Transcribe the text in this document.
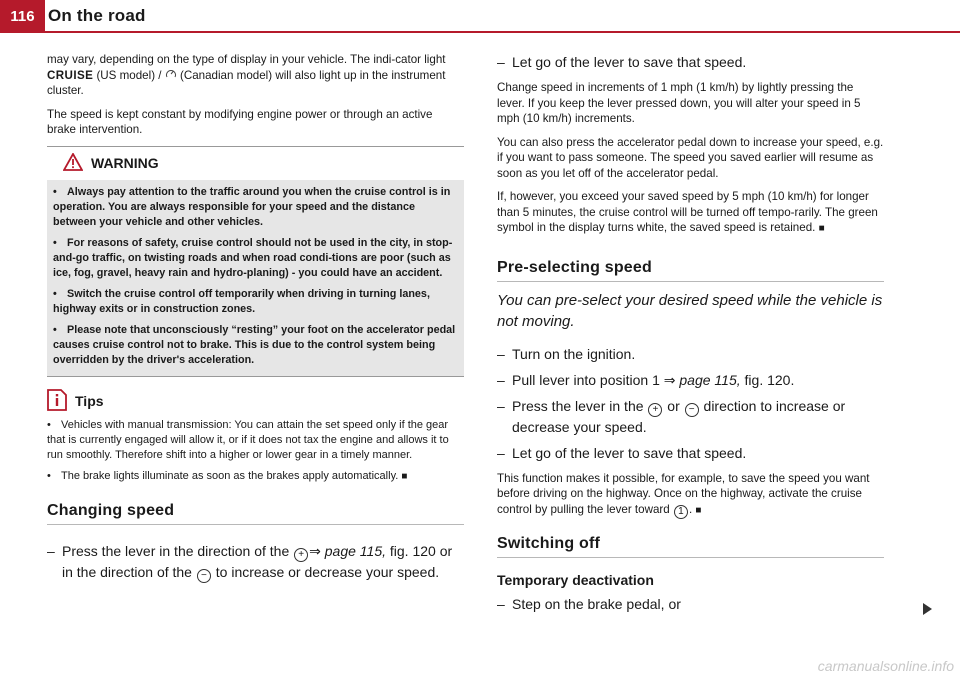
116 On the road

may vary, depending on the type of display in your vehicle. The indi-cator light CRUISE (US model) /  (Canadian model) will also light up in the instrument cluster.

The speed is kept constant by modifying engine power or through an active brake intervention.

WARNING

• Always pay attention to the traffic around you when the cruise control is in operation. You are always responsible for your speed and the distance between your vehicle and other vehicles.

• For reasons of safety, cruise control should not be used in the city, in stop-and-go traffic, on twisting roads and when road condi-tions are poor (such as ice, fog, gravel, heavy rain and hydro-planing) - you could have an accident.

• Switch the cruise control off temporarily when driving in turning lanes, highway exits or in construction zones.

• Please note that unconsciously “resting” your foot on the accelerator pedal causes cruise control not to brake. This is due to the control system being overridden by the driver's acceleration.

Tips

• Vehicles with manual transmission: You can attain the set speed only if the gear that is currently engaged will allow it, or if it does not tax the engine and allows it to run smoothly. Therefore shift into a higher or lower gear in a timely manner.

• The brake lights illuminate as soon as the brakes apply automatically. ■

Changing speed
– Press the lever in the direction of the + ⇒ page 115, fig. 120 or in the direction of the − to increase or decrease your speed.
– Let go of the lever to save that speed.

Change speed in increments of 1 mph (1 km/h) by lightly pressing the lever. If you keep the lever pressed down, you will alter your speed in 5 mph (10 km/h) increments.

You can also press the accelerator pedal down to increase your speed, e.g. if you want to pass someone. The speed you saved earlier will resume as soon as you let off of the accelerator pedal.

If, however, you exceed your saved speed by 5 mph (10 km/h) for longer than 5 minutes, the cruise control will be turned off tempo-rarily. The green symbol in the display turns white, the saved speed is retained. ■

Pre-selecting speed

You can pre-select your desired speed while the vehicle is not moving.

– Turn on the ignition.
– Pull lever into position 1 ⇒ page 115, fig. 120.
– Press the lever in the + or − direction to increase or decrease your speed.
– Let go of the lever to save that speed.

This function makes it possible, for example, to save the speed you want before driving on the highway. Once on the highway, activate the cruise control by pulling the lever toward 1 . ■

Switching off
Temporary deactivation
– Step on the brake pedal, or
carmanualsonline.info
